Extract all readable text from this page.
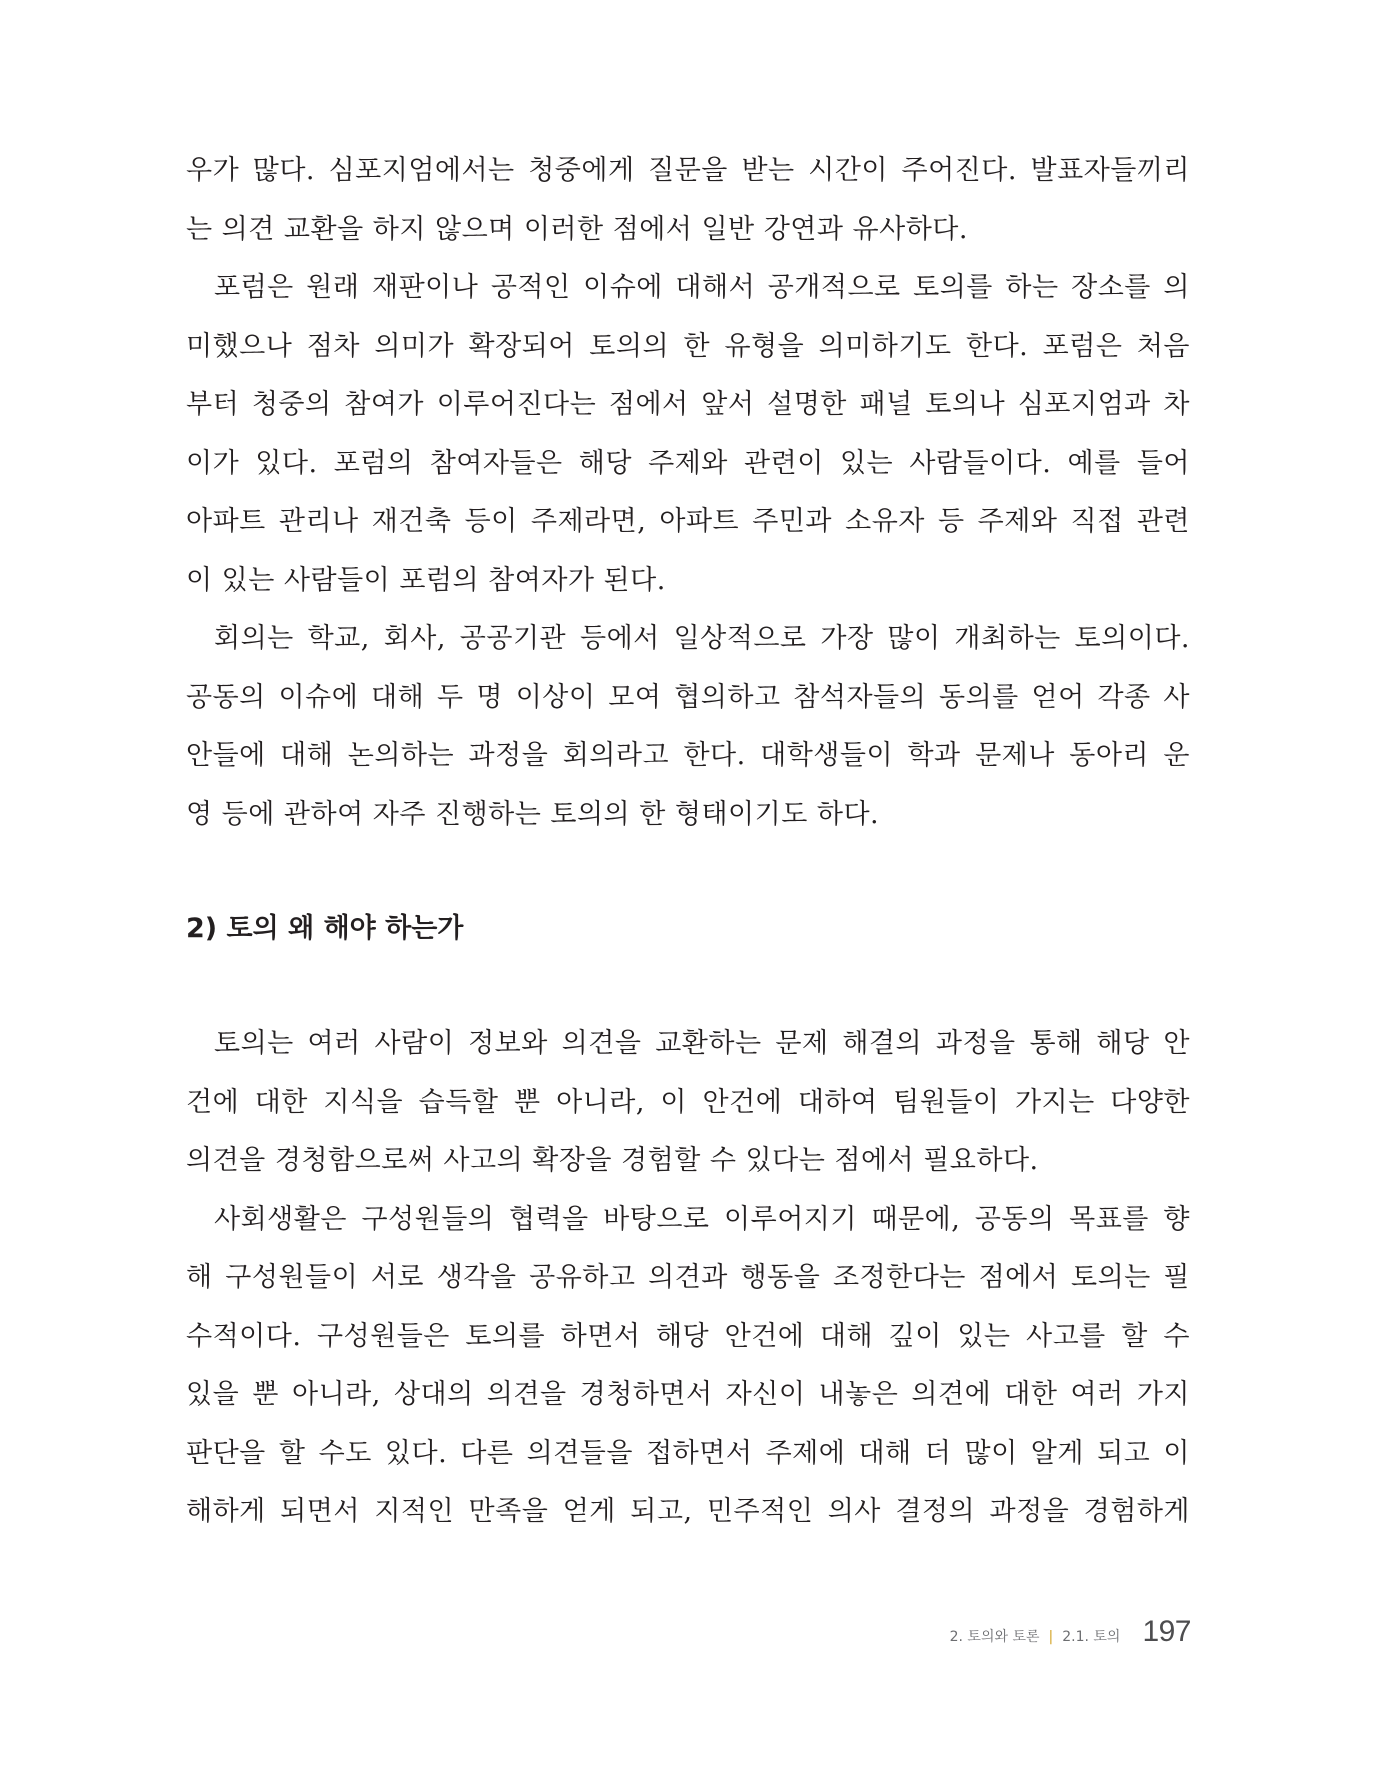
우가 많다. 심포지엄에서는 청중에게 질문을 받는 시간이 주어진다. 발표자들끼리
는 의견 교환을 하지 않으며 이러한 점에서 일반 강연과 유사하다.

포럼은 원래 재판이나 공적인 이슈에 대해서 공개적으로 토의를 하는 장소를 의
미했으나 점차 의미가 확장되어 토의의 한 유형을 의미하기도 한다. 포럼은 처음
부터 청중의 참여가 이루어진다는 점에서 앞서 설명한 패널 토의나 심포지엄과 차
이가 있다. 포럼의 참여자들은 해당 주제와 관련이 있는 사람들이다. 예를 들어
아파트 관리나 재건축 등이 주제라면, 아파트 주민과 소유자 등 주제와 직접 관련
이 있는 사람들이 포럼의 참여자가 된다.

회의는 학교, 회사, 공공기관 등에서 일상적으로 가장 많이 개최하는 토의이다.
공동의 이슈에 대해 두 명 이상이 모여 협의하고 참석자들의 동의를 얻어 각종 사
안들에 대해 논의하는 과정을 회의라고 한다. 대학생들이 학과 문제나 동아리 운
영 등에 관하여 자주 진행하는 토의의 한 형태이기도 하다.

2) 토의 왜 해야 하는가

토의는 여러 사람이 정보와 의견을 교환하는 문제 해결의 과정을 통해 해당 안
건에 대한 지식을 습득할 뿐 아니라, 이 안건에 대하여 팀원들이 가지는 다양한
의견을 경청함으로써 사고의 확장을 경험할 수 있다는 점에서 필요하다.

사회생활은 구성원들의 협력을 바탕으로 이루어지기 때문에, 공동의 목표를 향
해 구성원들이 서로 생각을 공유하고 의견과 행동을 조정한다는 점에서 토의는 필
수적이다. 구성원들은 토의를 하면서 해당 안건에 대해 깊이 있는 사고를 할 수
있을 뿐 아니라, 상대의 의견을 경청하면서 자신이 내놓은 의견에 대한 여러 가지
판단을 할 수도 있다. 다른 의견들을 접하면서 주제에 대해 더 많이 알게 되고 이
해하게 되면서 지적인 만족을 얻게 되고, 민주적인 의사 결정의 과정을 경험하게

2. 토의와 토론 | 2.1. 토의 197
